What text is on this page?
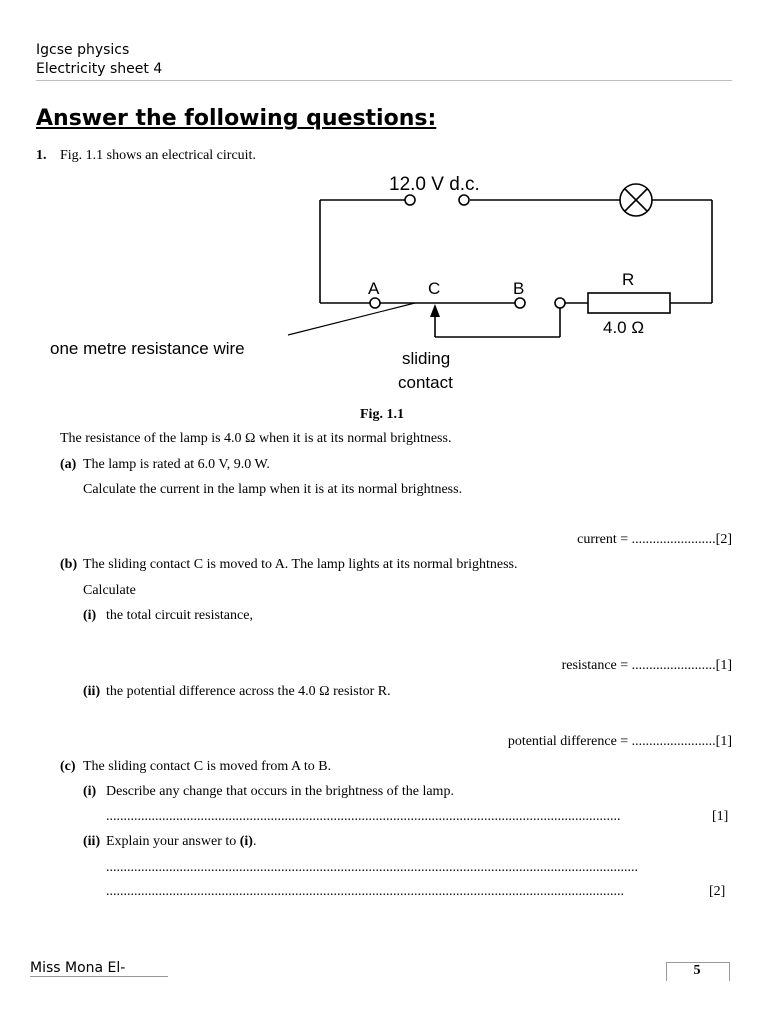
Igcse physics
Electricity sheet 4
Answer the following questions:
1. Fig. 1.1 shows an electrical circuit.
12.0 V d.c.
A	C	B	R
4.0 Ω
one metre resistance wire
sliding
contact
Fig. 1.1
The resistance of the lamp is 4.0 Ω when it is at its normal brightness.
(a) The lamp is rated at 6.0 V, 9.0 W.
Calculate the current in the lamp when it is at its normal brightness.
current = ........................[2]
(b) The sliding contact C is moved to A. The lamp lights at its normal brightness.
Calculate
(i) the total circuit resistance,
resistance = ........................[1]
(ii) the potential difference across the 4.0 Ω resistor R.
potential difference = ........................[1]
(c) The sliding contact C is moved from A to B.
(i) Describe any change that occurs in the brightness of the lamp.
...................................................................................................................................................	[1]
(ii) Explain your answer to (i).
........................................................................................................................................................
....................................................................................................................................................	[2]
Miss Mona El-	5
